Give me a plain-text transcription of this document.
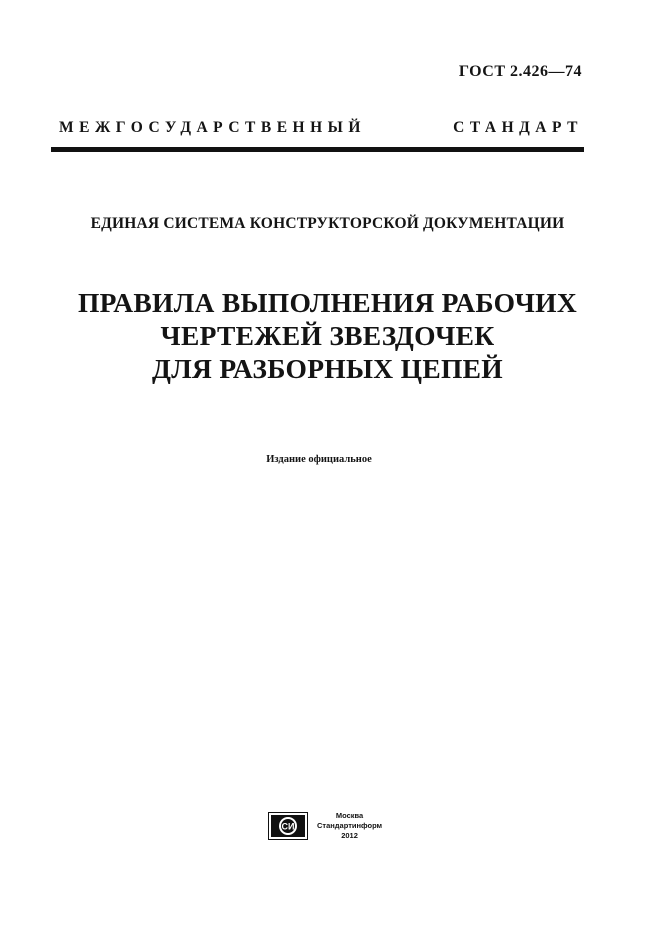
ГОСТ 2.426—74
МЕЖГОСУДАРСТВЕННЫЙ СТАНДАРТ
ЕДИНАЯ СИСТЕМА КОНСТРУКТОРСКОЙ ДОКУМЕНТАЦИИ
ПРАВИЛА ВЫПОЛНЕНИЯ РАБОЧИХ
ЧЕРТЕЖЕЙ ЗВЕЗДОЧЕК
ДЛЯ РАЗБОРНЫХ ЦЕПЕЙ
Издание официальное
СИ
Москва
Стандартинформ
2012
